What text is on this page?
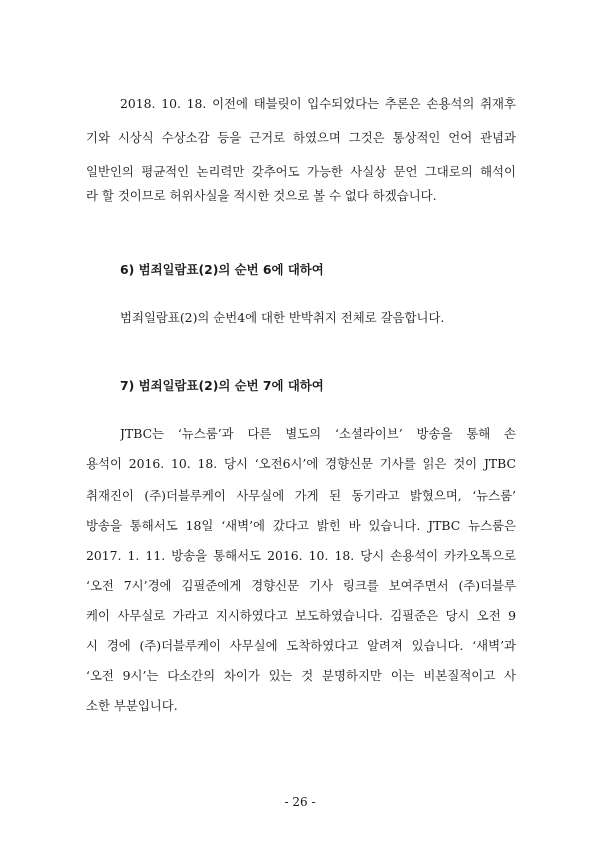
2018. 10. 18. 이전에 태블릿이 입수되었다는 추론은 손용석의 취재후
기와 시상식 수상소감 등을 근거로 하였으며 그것은 통상적인 언어 관념과
일반인의 평균적인 논리력만 갖추어도 가능한 사실상 문언 그대로의 해석이
라 할 것이므로 허위사실을 적시한 것으로 볼 수 없다 하겠습니다.
6) 범죄일람표(2)의 순번 6에 대하여
범죄일람표(2)의 순번4에 대한 반박취지 전체로 갈음합니다.
7) 범죄일람표(2)의 순번 7에 대하여
JTBC는 ‘뉴스룸’과 다른 별도의 ‘소셜라이브’ 방송을 통해 손
용석이 2016. 10. 18. 당시 ‘오전6시’에 경향신문 기사를 읽은 것이 JTBC
취재진이 (주)더블루케이 사무실에 가게 된 동기라고 밝혔으며, ‘뉴스룸’
방송을 통해서도 18일 ‘새벽’에 갔다고 밝힌 바 있습니다. JTBC 뉴스룸은
2017. 1. 11. 방송을 통해서도 2016. 10. 18. 당시 손용석이 카카오톡으로
‘오전 7시’경에 김필준에게 경향신문 기사 링크를 보여주면서 (주)더블루
케이 사무실로 가라고 지시하였다고 보도하였습니다. 김필준은 당시 오전 9
시 경에 (주)더블루케이 사무실에 도착하였다고 알려져 있습니다. ‘새벽’과
‘오전 9시’는 다소간의 차이가 있는 것 분명하지만 이는 비본질적이고 사
소한 부분입니다.
- 26 -
